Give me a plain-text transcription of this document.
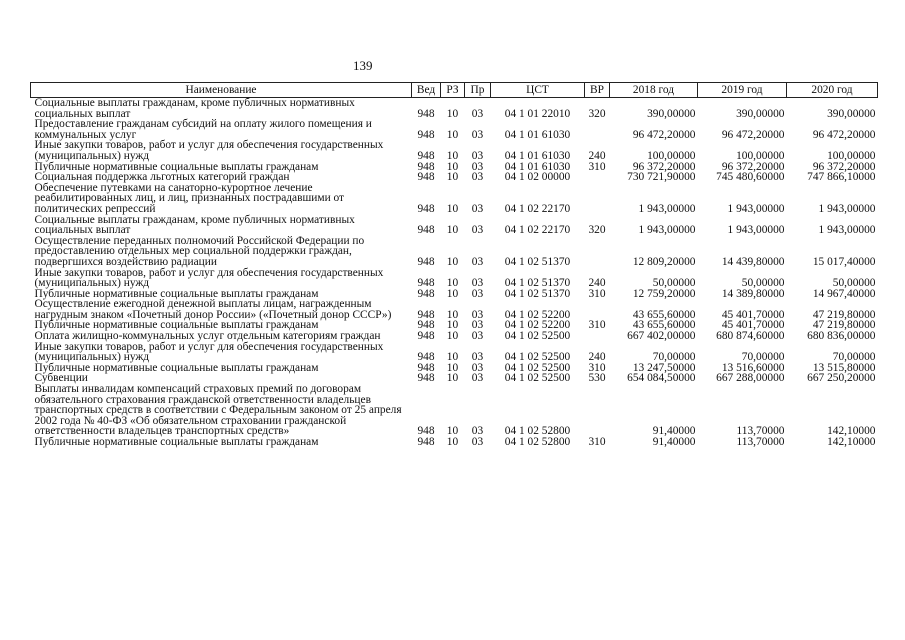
139
Наименование	Вед	РЗ	Пр	ЦСТ	ВР	2018 год	2019 год	2020 год
Социальные выплаты гражданам, кроме публичных нормативных социальных выплат	948	10	03	04 1 01 22010	320	390,00000	390,00000	390,00000
Предоставление гражданам субсидий на оплату жилого помещения и коммунальных услуг	948	10	03	04 1 01 61030		96 472,20000	96 472,20000	96 472,20000
Иные закупки товаров, работ и услуг для обеспечения государственных (муниципальных) нужд	948	10	03	04 1 01 61030	240	100,00000	100,00000	100,00000
Публичные нормативные социальные выплаты гражданам	948	10	03	04 1 01 61030	310	96 372,20000	96 372,20000	96 372,20000
Социальная поддержка льготных категорий граждан	948	10	03	04 1 02 00000		730 721,90000	745 480,60000	747 866,10000
Обеспечение путевками на санаторно-курортное лечение реабилитированных лиц, и лиц, признанных пострадавшими от политических репрессий	948	10	03	04 1 02 22170		1 943,00000	1 943,00000	1 943,00000
Социальные выплаты гражданам, кроме публичных нормативных социальных выплат	948	10	03	04 1 02 22170	320	1 943,00000	1 943,00000	1 943,00000
Осуществление переданных полномочий Российской Федерации по предоставлению отдельных мер социальной поддержки граждан, подвергшихся воздействию радиации	948	10	03	04 1 02 51370		12 809,20000	14 439,80000	15 017,40000
Иные закупки товаров, работ и услуг для обеспечения государственных (муниципальных) нужд	948	10	03	04 1 02 51370	240	50,00000	50,00000	50,00000
Публичные нормативные социальные выплаты гражданам	948	10	03	04 1 02 51370	310	12 759,20000	14 389,80000	14 967,40000
Осуществление ежегодной денежной выплаты лицам, награжденным нагрудным знаком «Почетный донор России» («Почетный донор СССР»)	948	10	03	04 1 02 52200		43 655,60000	45 401,70000	47 219,80000
Публичные нормативные социальные выплаты гражданам	948	10	03	04 1 02 52200	310	43 655,60000	45 401,70000	47 219,80000
Оплата жилищно-коммунальных услуг отдельным категориям граждан	948	10	03	04 1 02 52500		667 402,00000	680 874,60000	680 836,00000
Иные закупки товаров, работ и услуг для обеспечения государственных (муниципальных) нужд	948	10	03	04 1 02 52500	240	70,00000	70,00000	70,00000
Публичные нормативные социальные выплаты гражданам	948	10	03	04 1 02 52500	310	13 247,50000	13 516,60000	13 515,80000
Субвенции	948	10	03	04 1 02 52500	530	654 084,50000	667 288,00000	667 250,20000
Выплаты инвалидам компенсаций страховых премий по договорам обязательного страхования гражданской ответственности владельцев транспортных средств в соответствии с Федеральным законом от 25 апреля 2002 года № 40-ФЗ «Об обязательном страховании гражданской ответственности владельцев транспортных средств»	948	10	03	04 1 02 52800		91,40000	113,70000	142,10000
Публичные нормативные социальные выплаты гражданам	948	10	03	04 1 02 52800	310	91,40000	113,70000	142,10000
